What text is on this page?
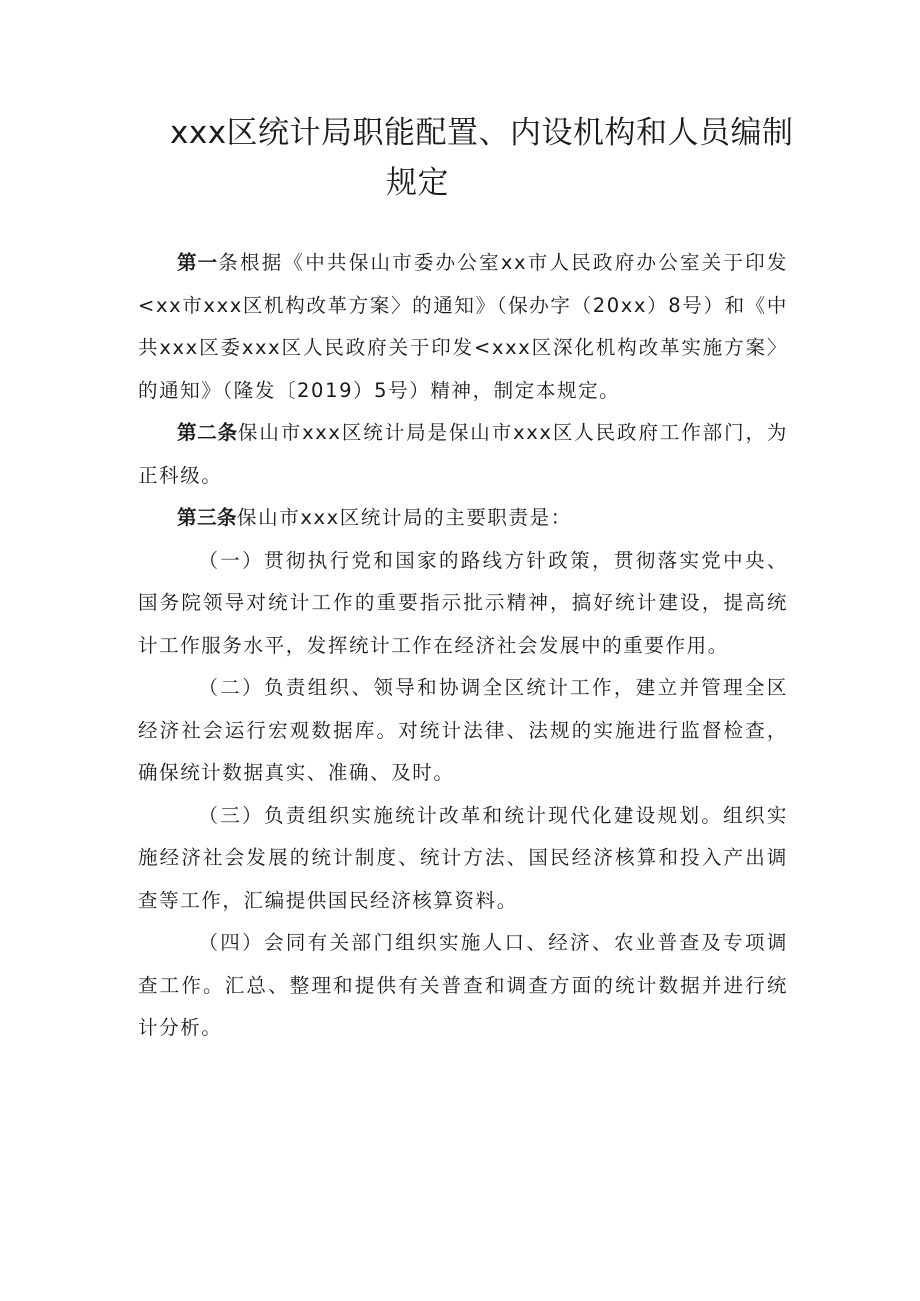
xxx区统计局职能配置、内设机构和人员编制
规定

第一条根据《中共保山市委办公室xx市人民政府办公室关于印发<xx市xxx区机构改革方案〉的通知》（保办字（20xx）8号）和《中共xxx区委xxx区人民政府关于印发<xxx区深化机构改革实施方案〉的通知》（隆发〔2019）5号）精神，制定本规定。

第二条保山市xxx区统计局是保山市xxx区人民政府工作部门，为正科级。

第三条保山市xxx区统计局的主要职责是：

（一）贯彻执行党和国家的路线方针政策，贯彻落实党中央、国务院领导对统计工作的重要指示批示精神，搞好统计建设，提高统计工作服务水平，发挥统计工作在经济社会发展中的重要作用。

（二）负责组织、领导和协调全区统计工作，建立并管理全区经济社会运行宏观数据库。对统计法律、法规的实施进行监督检查，确保统计数据真实、准确、及时。

（三）负责组织实施统计改革和统计现代化建设规划。组织实施经济社会发展的统计制度、统计方法、国民经济核算和投入产出调查等工作，汇编提供国民经济核算资料。

（四）会同有关部门组织实施人口、经济、农业普查及专项调查工作。汇总、整理和提供有关普查和调查方面的统计数据并进行统计分析。
